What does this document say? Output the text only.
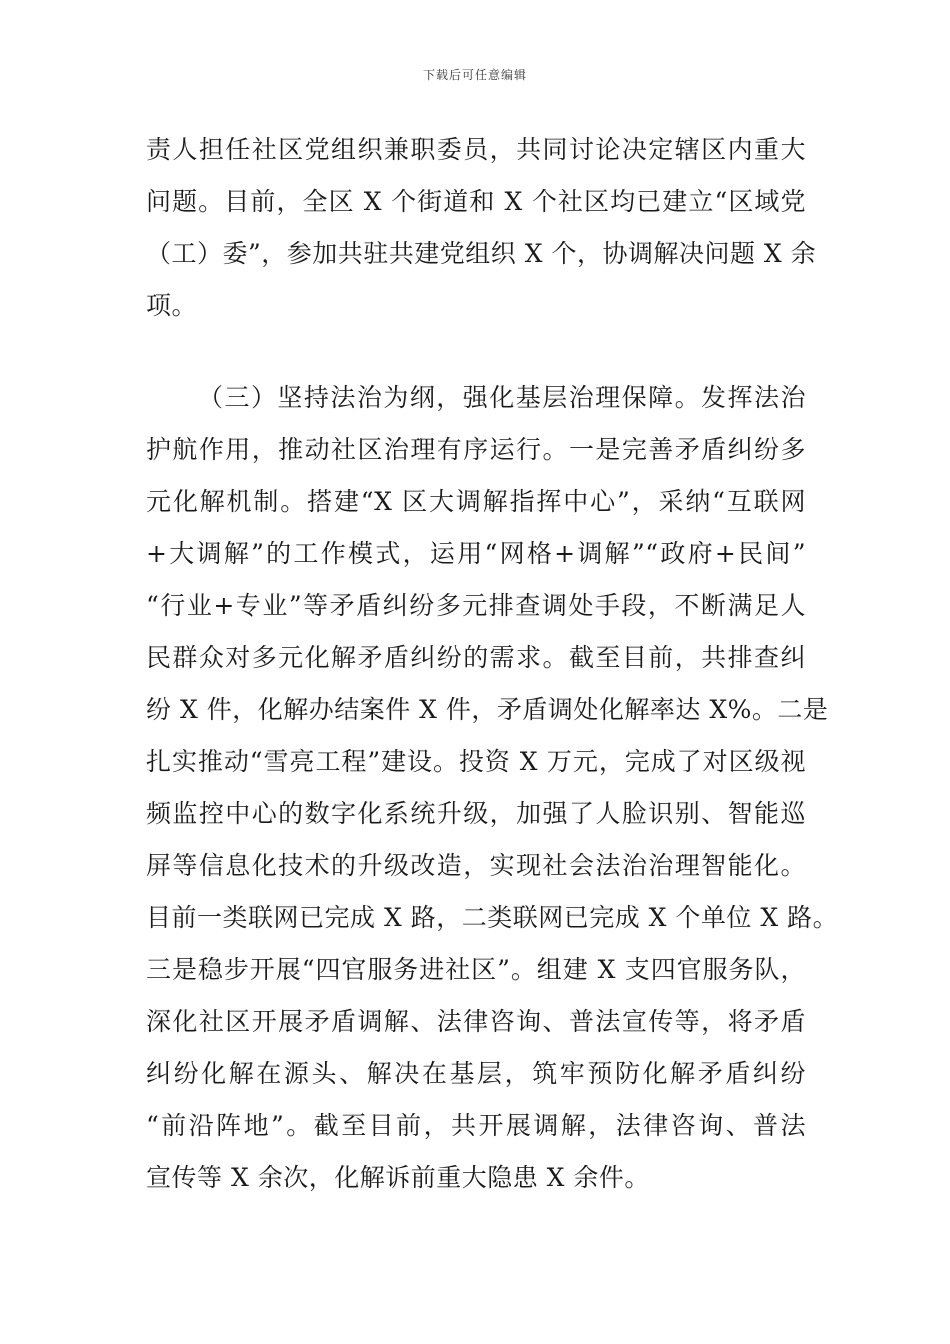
下载后可任意编辑
责人担任社区党组织兼职委员，共同讨论决定辖区内重大
问题。目前，全区 X 个街道和 X 个社区均已建立“区域党
（工）委”，参加共驻共建党组织 X 个，协调解决问题 X 余
项。
（三）坚持法治为纲，强化基层治理保障。发挥法治
护航作用，推动社区治理有序运行。一是完善矛盾纠纷多
元化解机制。搭建“X 区大调解指挥中心”，采纳“互联网
+大调解”的工作模式，运用“网格+调解”“政府+民间”
“行业+专业”等矛盾纠纷多元排查调处手段，不断满足人
民群众对多元化解矛盾纠纷的需求。截至目前，共排查纠
纷 X 件，化解办结案件 X 件，矛盾调处化解率达 X%。二是
扎实推动“雪亮工程”建设。投资 X 万元，完成了对区级视
频监控中心的数字化系统升级，加强了人脸识别、智能巡
屏等信息化技术的升级改造，实现社会法治治理智能化。
目前一类联网已完成 X 路，二类联网已完成 X 个单位 X 路。
三是稳步开展“四官服务进社区”。组建 X 支四官服务队，
深化社区开展矛盾调解、法律咨询、普法宣传等，将矛盾
纠纷化解在源头、解决在基层，筑牢预防化解矛盾纠纷
“前沿阵地”。截至目前，共开展调解，法律咨询、普法
宣传等 X 余次，化解诉前重大隐患 X 余件。
